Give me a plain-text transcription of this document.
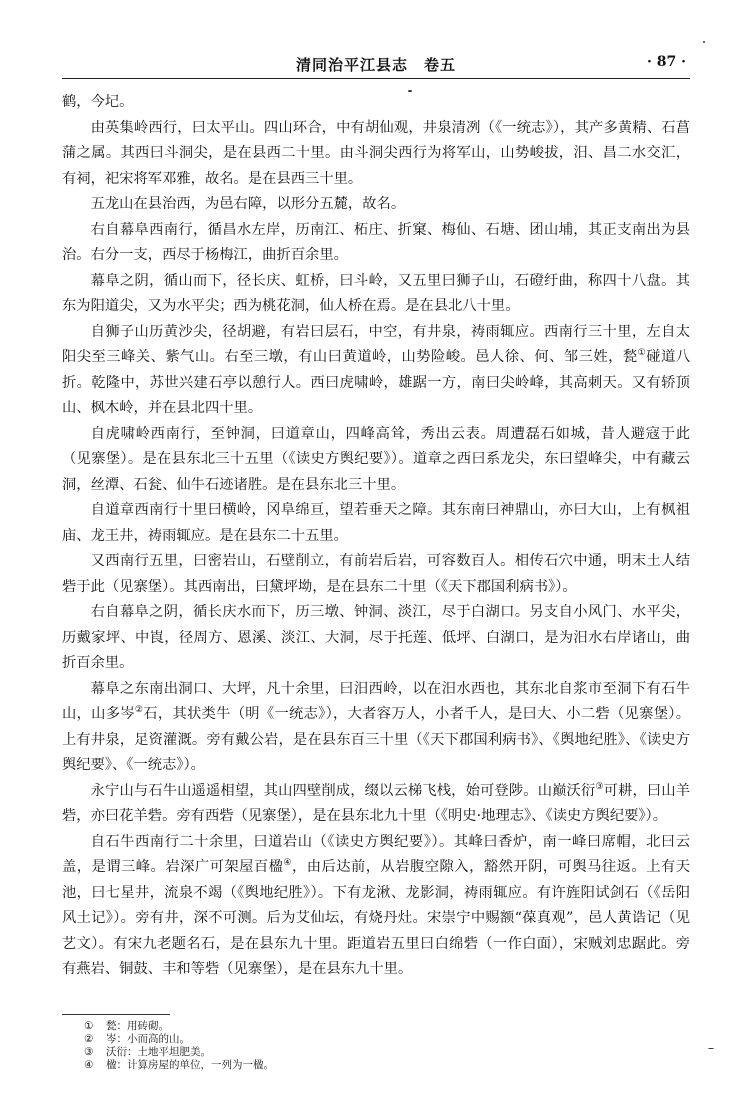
清同治平江县志　卷五	· 87 ·

鹤，今圮。

由英集岭西行，曰太平山。四山环合，中有胡仙观，井泉清冽（《一统志》），其产多黄精、石菖蒲之属。其西曰斗洞尖，是在县西二十里。由斗洞尖西行为将军山，山势峻拔，汨、昌二水交汇，有祠，祀宋将军邓雅，故名。是在县西三十里。

五龙山在县治西，为邑右障，以形分五麓，故名。

右自幕阜西南行，循昌水左岸，历南江、柘庄、折窠、梅仙、石塘、团山埔，其正支南出为县治。右分一支，西尽于杨梅江，曲折百余里。

幕阜之阴，循山而下，径长庆、虹桥，曰斗岭，又五里曰狮子山，石磴纡曲，称四十八盘。其东为阳道尖，又为水平尖；西为桃花洞，仙人桥在焉。是在县北八十里。

自狮子山历黄沙尖，径胡避，有岩曰层石，中空，有井泉，祷雨辄应。西南行三十里，左自太阳尖至三峰关、紫气山。右至三墩，有山曰黄道岭，山势险峻。邑人徐、何、邹三姓，甃①碰道八折。乾隆中，苏世兴建石亭以憩行人。西曰虎啸岭，雄踞一方，南曰尖岭峰，其高刺天。又有轿顶山、枫木岭，并在县北四十里。

自虎啸岭西南行，至钟洞，曰道章山，四峰高耸，秀出云表。周遭磊石如城，昔人避寇于此（见寨堡）。是在县东北三十五里（《读史方舆纪要》）。道章之西曰系龙尖，东曰望峰尖，中有藏云洞，丝潭、石瓮、仙牛石迹诸胜。是在县东北三十里。

自道章西南行十里曰横岭，冈阜绵亘，望若垂天之障。其东南曰神鼎山，亦曰大山，上有枫祖庙、龙王井，祷雨辄应。是在县东二十五里。

又西南行五里，曰密岩山，石壁削立，有前岩后岩，可容数百人。相传石穴中通，明末土人结砦于此（见寨堡）。其西南出，曰黛坪坳，是在县东二十里（《天下郡国利病书》）。

右自幕阜之阴，循长庆水而下，历三墩、钟洞、淡江，尽于白湖口。另支自小风门、水平尖，历戴家坪、中崀，径周方、恩溪、淡江、大洞，尽于托莲、低坪、白湖口，是为汨水右岸诸山，曲折百余里。

幕阜之东南出洞口、大坪，凡十余里，曰汨西岭，以在汨水西也，其东北自浆市至洞下有石牛山，山多岑②石，其状类牛（明《一统志》），大者容万人，小者千人，是曰大、小二砦（见寨堡）。上有井泉，足资灌溉。旁有戴公岩，是在县东百三十里（《天下郡国利病书》、《舆地纪胜》、《读史方舆纪要》、《一统志》）。

永宁山与石牛山遥遥相望，其山四壁削成，缀以云梯飞栈，始可登陟。山巅沃衍③可耕，曰山羊砦，亦曰花羊砦。旁有西砦（见寨堡），是在县东北九十里（《明史·地理志》、《读史方舆纪要》）。

自石牛西南行二十余里，曰道岩山（《读史方舆纪要》）。其峰曰香炉，南一峰曰席帽，北曰云盖，是谓三峰。岩深广可架屋百楹④，由后达前，从岩腹空隙入，豁然开阴，可舆马往返。上有天池，曰七星井，流泉不竭（《舆地纪胜》）。下有龙湫、龙影洞，祷雨辄应。有许旌阳试剑石（《岳阳风土记》）。旁有井，深不可测。后为艾仙坛，有烧丹灶。宋崇宁中赐额“葆真观”，邑人黄诰记（见艺文）。有宋九老题名石，是在县东九十里。距道岩五里曰白绵砦（一作白面），宋贼刘忠踞此。旁有燕岩、铜鼓、丰和等砦（见寨堡），是在县东九十里。

①	甃：用砖砌。
②	岑：小而高的山。
③	沃衍：土地平坦肥美。
④	楹：计算房屋的单位，一列为一楹。
